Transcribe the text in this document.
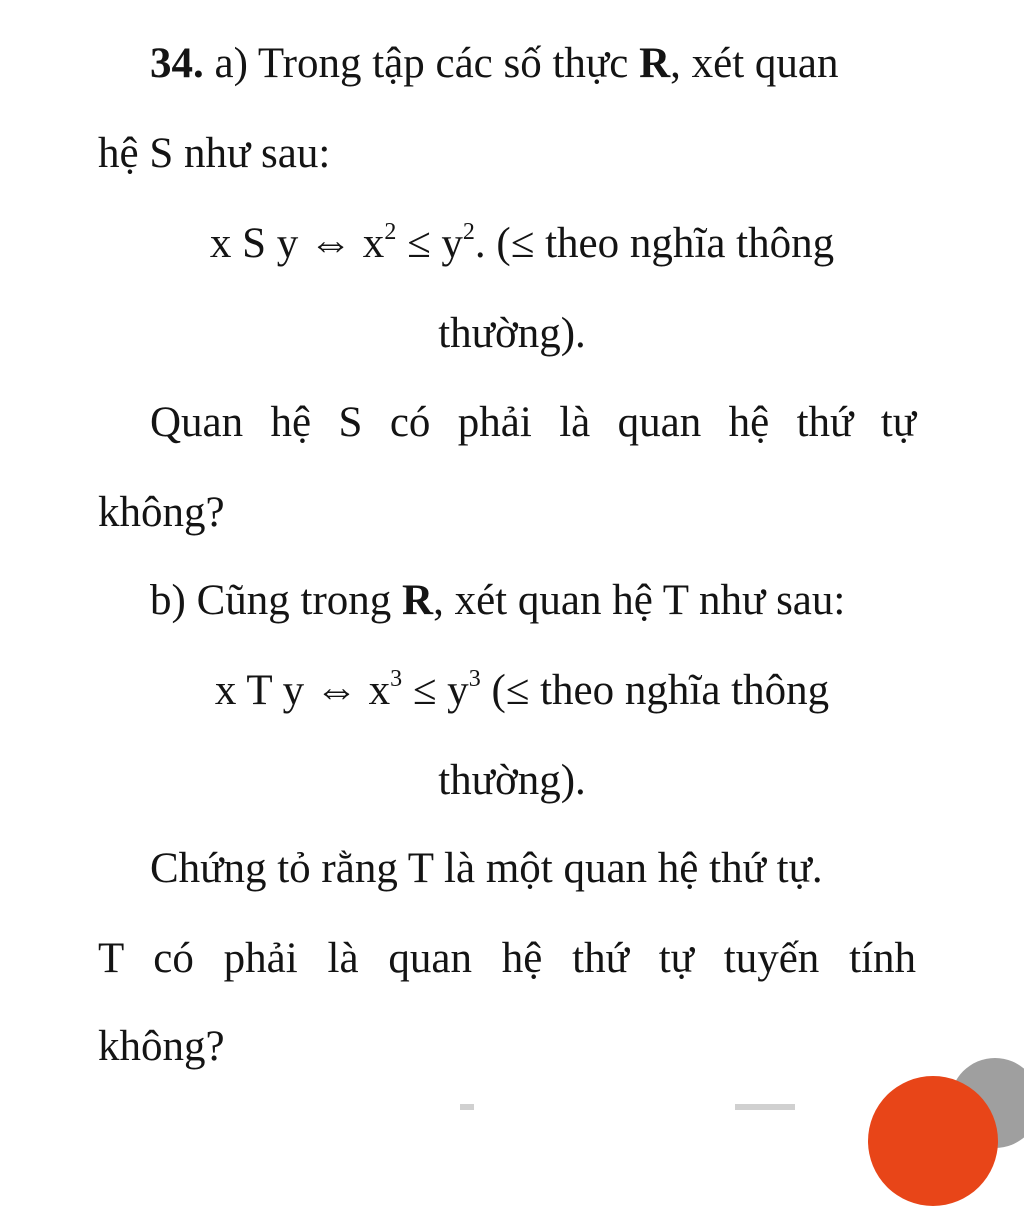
34. a) Trong tập các số thực R, xét quan
hệ S như sau:
x S y ⇔ $x^2 \le y^2$. (≤ theo nghĩa thông
thường).
Quan hệ S có phải là quan hệ thứ tự
không?
b) Cũng trong R, xét quan hệ T như sau:
x T y ⇔ $x^3 \le y^3$ (≤ theo nghĩa thông
thường).
Chứng tỏ rằng T là một quan hệ thứ tự.
T có phải là quan hệ thứ tự tuyến tính
không?
